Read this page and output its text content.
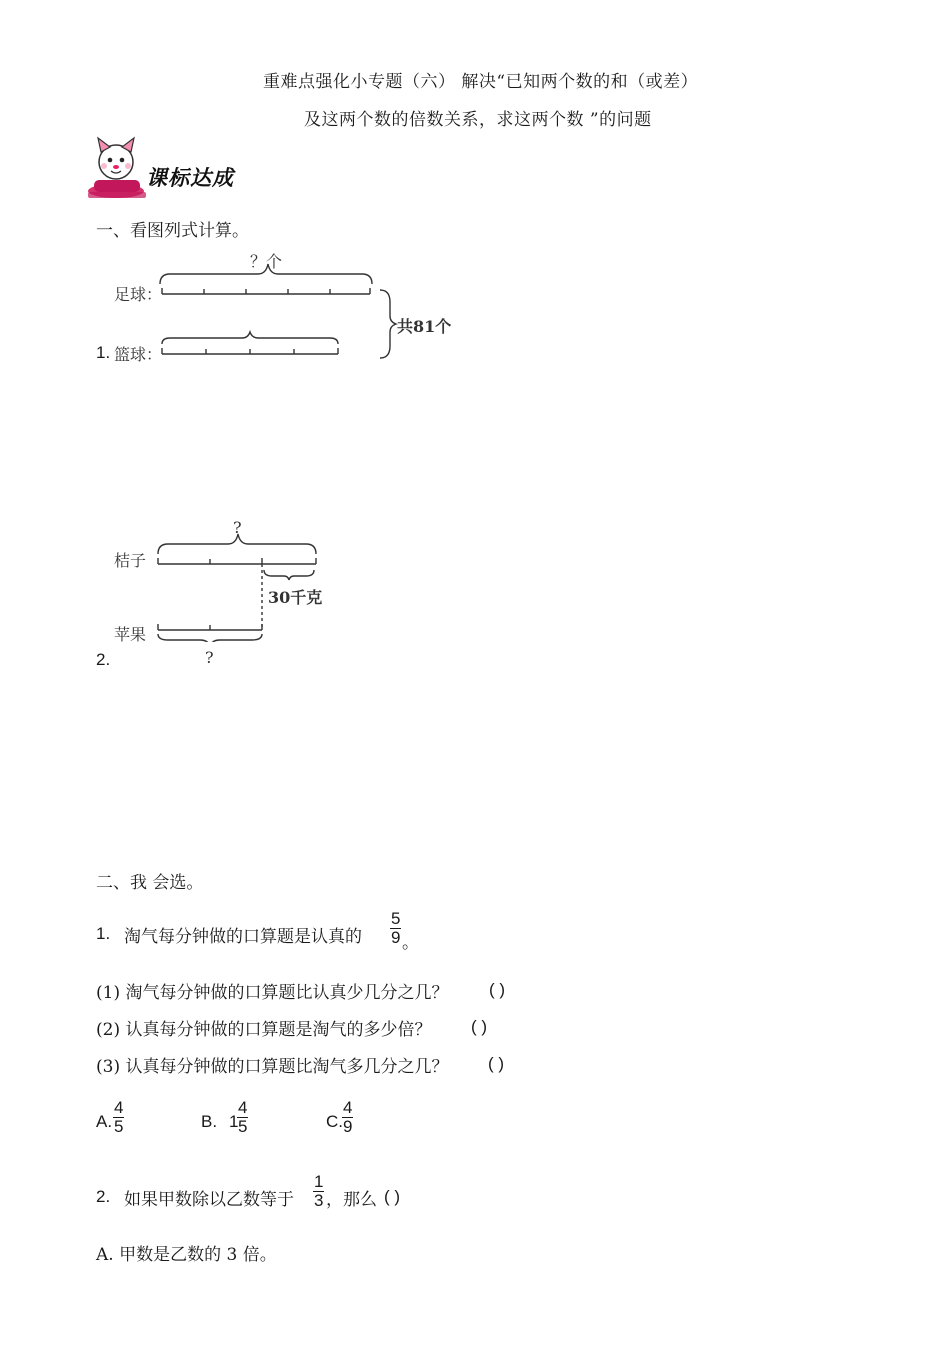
重难点强化小专题（六） 解决“已知两个数的和（或差）
及这两个数的倍数关系，求这两个数 ”的问题
课标达成
一、看图列式计算。
1.
足球：
篮球：
？个
共81个
2.
桔子
苹果
?
?
30千克
二、我 会选。
1. 淘气每分钟做的口算题是认真的 $\frac{5}{9}$ 。
(1) 淘气每分钟做的口算题比认真少几分之几？ ( )
(2) 认真每分钟做的口算题是淘气的多少倍？ ( )
(3) 认真每分钟做的口算题比淘气多几分之几？ ( )
A. $\frac{4}{5}$	B. 1
$\frac{4}{5}$	C. $\frac{4}{9}$
2. 如果甲数除以乙数等于 $\frac{1}{3}$ ，那么 ( )
A. 甲数是乙数的 3 倍。
